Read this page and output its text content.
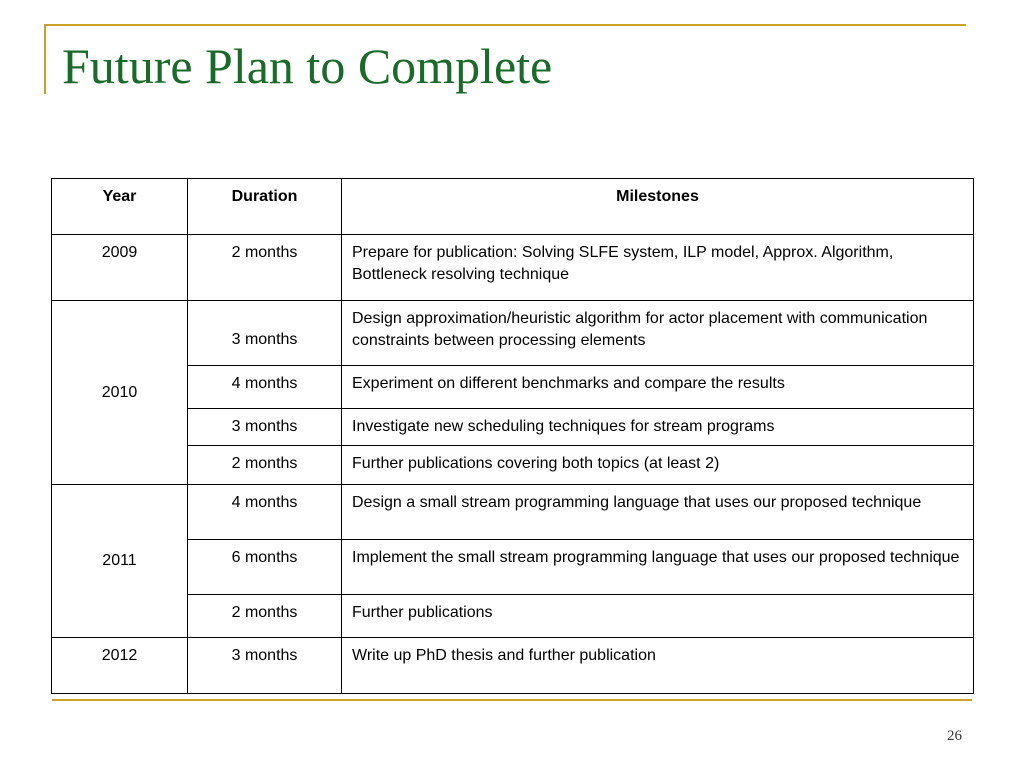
Future Plan to Complete
Year	Duration	Milestones
2009	2 months	Prepare for publication: Solving SLFE system, ILP model, Approx. Algorithm, Bottleneck resolving technique
2010	3 months	Design approximation/heuristic algorithm for actor placement with communication constraints between processing elements
	4 months	Experiment on different benchmarks and compare the results
	3 months	Investigate new scheduling techniques for stream programs
	2 months	Further publications covering both topics (at least 2)
2011	4 months	Design a small stream programming language that uses our proposed technique
	6 months	Implement the small stream programming language that uses our proposed technique
	2 months	Further publications
2012	3 months	Write up PhD thesis and further publication
26
